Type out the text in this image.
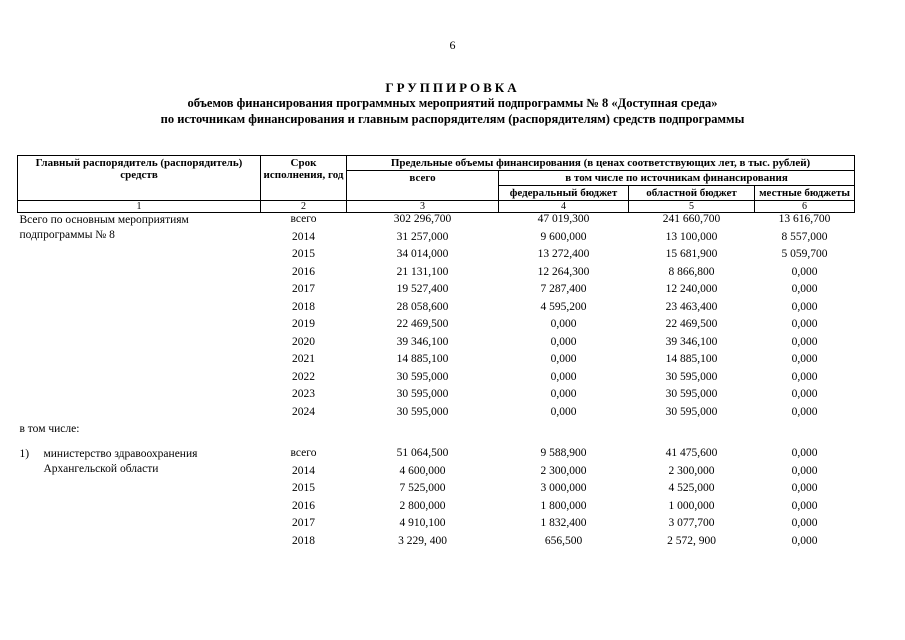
6
ГРУППИРОВКА
объемов финансирования программных мероприятий подпрограммы № 8 «Доступная среда»
по источникам финансирования и главным распорядителям (распорядителям) средств подпрограммы
Главный распорядитель (распорядитель) средств	Срок исполнения, год	Предельные объемы финансирования (в ценах соответствующих лет, в тыс. рублей)			
		всего	в том числе по источникам финансирования		
			федеральный бюджет	областной бюджет	местные бюджеты
1	2	3	4	5	6

Всего по основным мероприятиям подпрограммы № 8	всего	302 296,700	47 019,300	241 660,700	13 616,700
	2014	31 257,000	9 600,000	13 100,000	8 557,000
	2015	34 014,000	13 272,400	15 681,900	5 059,700
	2016	21 131,100	12 264,300	8 866,800	0,000
	2017	19 527,400	7 287,400	12 240,000	0,000
	2018	28 058,600	4 595,200	23 463,400	0,000
	2019	22 469,500	0,000	22 469,500	0,000
	2020	39 346,100	0,000	39 346,100	0,000
	2021	14 885,100	0,000	14 885,100	0,000
	2022	30 595,000	0,000	30 595,000	0,000
	2023	30 595,000	0,000	30 595,000	0,000
	2024	30 595,000	0,000	30 595,000	0,000
в том числе:					

1) министерство здравоохранения Архангельской области	всего	51 064,500	9 588,900	41 475,600	0,000
	2014	4 600,000	2 300,000	2 300,000	0,000
	2015	7 525,000	3 000,000	4 525,000	0,000
	2016	2 800,000	1 800,000	1 000,000	0,000
	2017	4 910,100	1 832,400	3 077,700	0,000
	2018	3 229, 400	656,500	2 572, 900	0,000
